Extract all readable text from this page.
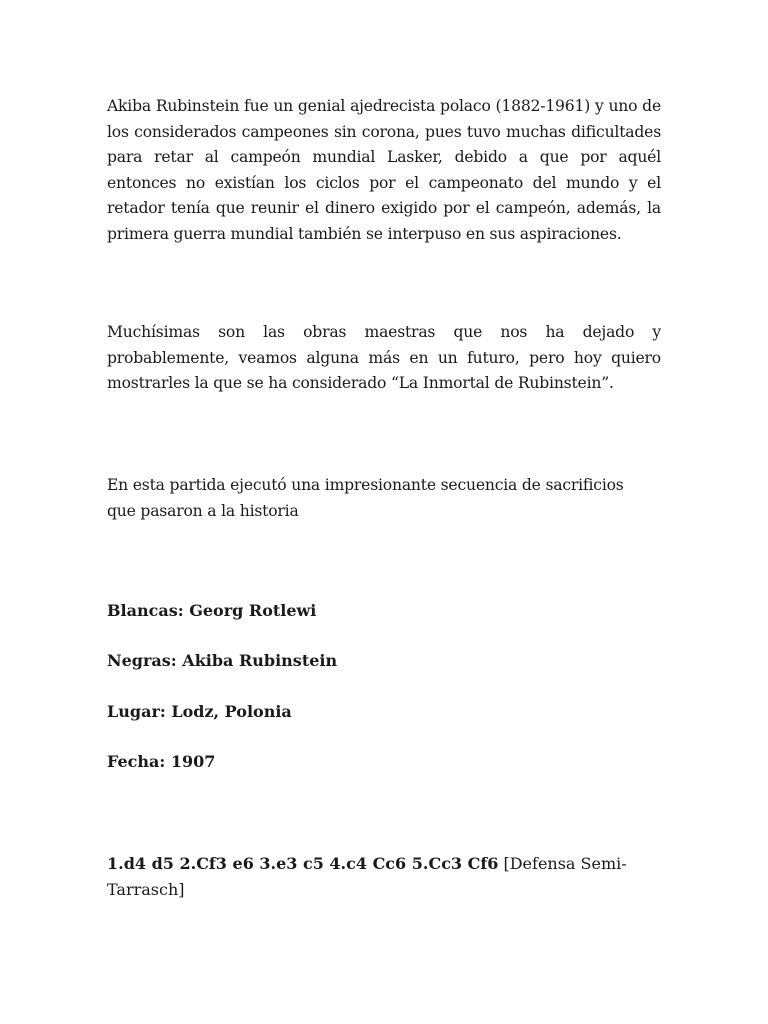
Akiba Rubinstein fue un genial ajedrecista polaco (1882-1961) y uno de los considerados campeones sin corona, pues tuvo muchas dificultades para retar al campeón mundial Lasker, debido a que por aquél entonces no existían los ciclos por el campeonato del mundo y el retador tenía que reunir el dinero exigido por el campeón, además, la primera guerra mundial también se interpuso en sus aspiraciones.

Muchísimas son las obras maestras que nos ha dejado y probablemente, veamos alguna más en un futuro, pero hoy quiero mostrarles la que se ha considerado “La Inmortal de Rubinstein”.

En esta partida ejecutó una impresionante secuencia de sacrificios que pasaron a la historia

Blancas: Georg Rotlewi

Negras: Akiba Rubinstein

Lugar: Lodz, Polonia

Fecha: 1907

1.d4 d5 2.Cf3 e6 3.e3 c5 4.c4 Cc6 5.Cc3 Cf6 [Defensa Semi-Tarrasch]
